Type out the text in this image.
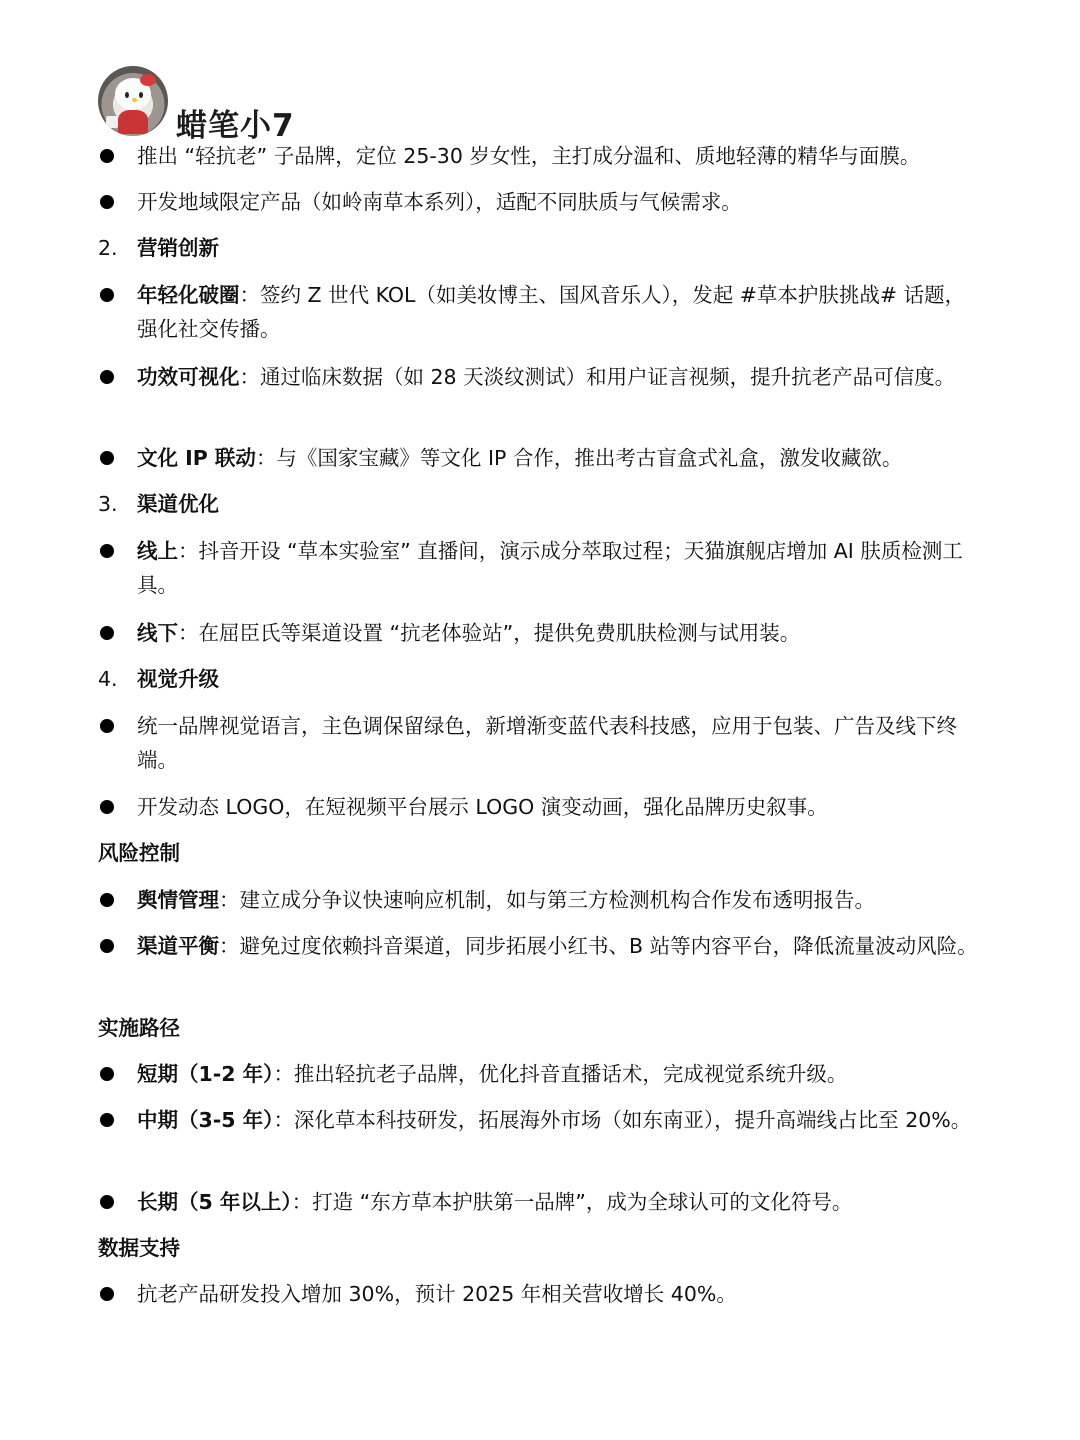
蜡笔小7
推出 “轻抗老” 子品牌，定位 25-30 岁女性，主打成分温和、质地轻薄的精华与面膜。
开发地域限定产品（如岭南草本系列），适配不同肤质与气候需求。
2. 营销创新
年轻化破圈：签约 Z 世代 KOL（如美妆博主、国风音乐人），发起 #草本护肤挑战# 话题，强化社交传播。
功效可视化：通过临床数据（如 28 天淡纹测试）和用户证言视频，提升抗老产品可信度。
文化 IP 联动：与《国家宝藏》等文化 IP 合作，推出考古盲盒式礼盒，激发收藏欲。
3. 渠道优化
线上：抖音开设 “草本实验室” 直播间，演示成分萃取过程；天猫旗舰店增加 AI 肤质检测工具。
线下：在屈臣氏等渠道设置 “抗老体验站”，提供免费肌肤检测与试用装。
4. 视觉升级
统一品牌视觉语言，主色调保留绿色，新增渐变蓝代表科技感，应用于包装、广告及线下终端。
开发动态 LOGO，在短视频平台展示 LOGO 演变动画，强化品牌历史叙事。
风险控制
舆情管理：建立成分争议快速响应机制，如与第三方检测机构合作发布透明报告。
渠道平衡：避免过度依赖抖音渠道，同步拓展小红书、B 站等内容平台，降低流量波动风险。
实施路径
短期（1-2 年）：推出轻抗老子品牌，优化抖音直播话术，完成视觉系统升级。
中期（3-5 年）：深化草本科技研发，拓展海外市场（如东南亚），提升高端线占比至 20%。
长期（5 年以上）：打造 “东方草本护肤第一品牌”，成为全球认可的文化符号。
数据支持
抗老产品研发投入增加 30%，预计 2025 年相关营收增长 40%。
